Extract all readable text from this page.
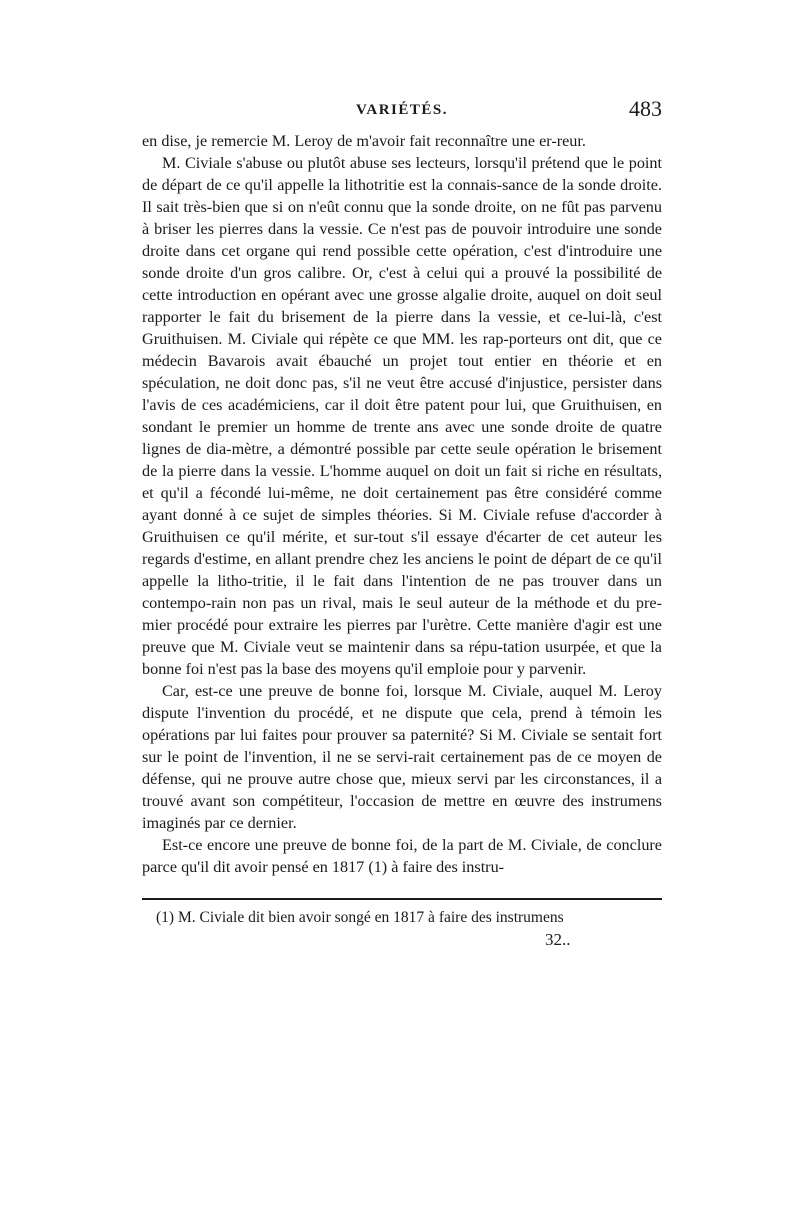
VARIÉTÉS.	483

en dise, je remercie M. Leroy de m'avoir fait reconnaître une er-reur.

M. Civiale s'abuse ou plutôt abuse ses lecteurs, lorsqu'il prétend que le point de départ de ce qu'il appelle la lithotritie est la connais-sance de la sonde droite. Il sait très-bien que si on n'eût connu que la sonde droite, on ne fût pas parvenu à briser les pierres dans la vessie. Ce n'est pas de pouvoir introduire une sonde droite dans cet organe qui rend possible cette opération, c'est d'introduire une sonde droite d'un gros calibre. Or, c'est à celui qui a prouvé la possibilité de cette introduction en opérant avec une grosse algalie droite, auquel on doit seul rapporter le fait du brisement de la pierre dans la vessie, et ce-lui-là, c'est Gruithuisen. M. Civiale qui répète ce que MM. les rap-porteurs ont dit, que ce médecin Bavarois avait ébauché un projet tout entier en théorie et en spéculation, ne doit donc pas, s'il ne veut être accusé d'injustice, persister dans l'avis de ces académiciens, car il doit être patent pour lui, que Gruithuisen, en sondant le premier un homme de trente ans avec une sonde droite de quatre lignes de dia-mètre, a démontré possible par cette seule opération le brisement de la pierre dans la vessie. L'homme auquel on doit un fait si riche en résultats, et qu'il a fécondé lui-même, ne doit certainement pas être considéré comme ayant donné à ce sujet de simples théories. Si M. Civiale refuse d'accorder à Gruithuisen ce qu'il mérite, et sur-tout s'il essaye d'écarter de cet auteur les regards d'estime, en allant prendre chez les anciens le point de départ de ce qu'il appelle la litho-tritie, il le fait dans l'intention de ne pas trouver dans un contempo-rain non pas un rival, mais le seul auteur de la méthode et du pre-mier procédé pour extraire les pierres par l'urètre. Cette manière d'agir est une preuve que M. Civiale veut se maintenir dans sa répu-tation usurpée, et que la bonne foi n'est pas la base des moyens qu'il emploie pour y parvenir.

Car, est-ce une preuve de bonne foi, lorsque M. Civiale, auquel M. Leroy dispute l'invention du procédé, et ne dispute que cela, prend à témoin les opérations par lui faites pour prouver sa paternité? Si M. Civiale se sentait fort sur le point de l'invention, il ne se servi-rait certainement pas de ce moyen de défense, qui ne prouve autre chose que, mieux servi par les circonstances, il a trouvé avant son compétiteur, l'occasion de mettre en œuvre des instrumens imaginés par ce dernier.

Est-ce encore une preuve de bonne foi, de la part de M. Civiale, de conclure parce qu'il dit avoir pensé en 1817 (1) à faire des instru-

(1) M. Civiale dit bien avoir songé en 1817 à faire des instrumens
32..
